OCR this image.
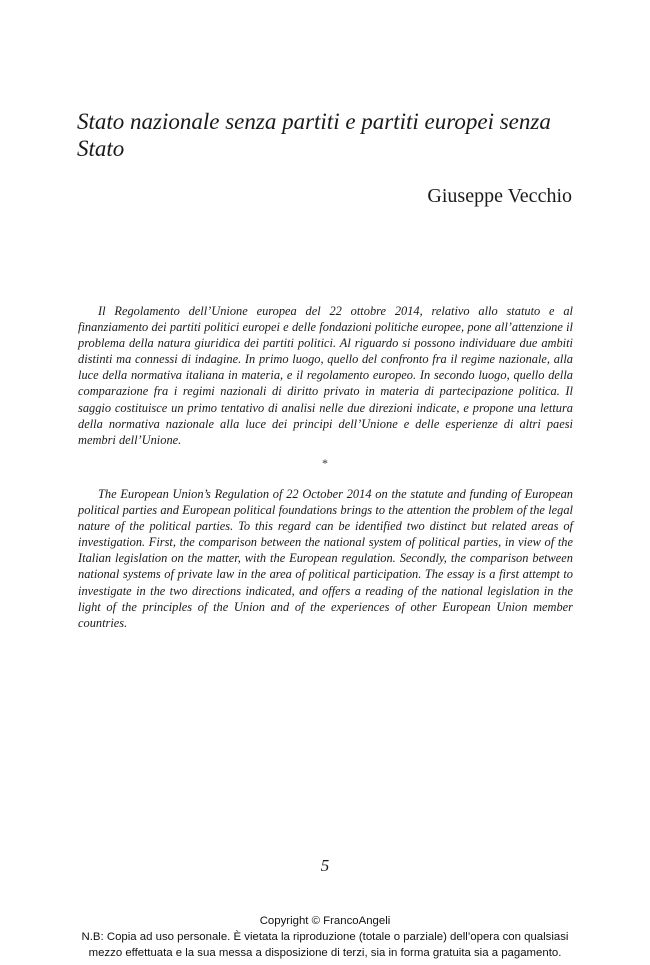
Stato nazionale senza partiti e partiti europei senza Stato
Giuseppe Vecchio

Il Regolamento dell’Unione europea del 22 ottobre 2014, relativo allo statuto e al finanziamento dei partiti politici europei e delle fondazioni politiche europee, pone all’attenzione il problema della natura giuridica dei partiti politici. Al riguardo si possono individuare due ambiti distinti ma connessi di indagine. In primo luogo, quello del confronto fra il regime nazionale, alla luce della normativa italiana in materia, e il regolamento europeo. In secondo luogo, quello della comparazione fra i regimi nazionali di diritto privato in materia di partecipazione politica. Il saggio costituisce un primo tentativo di analisi nelle due direzioni indicate, e propone una lettura della normativa nazionale alla luce dei principi dell’Unione e delle esperienze di altri paesi membri dell’Unione.

*

The European Union’s Regulation of 22 October 2014 on the statute and funding of European political parties and European political foundations brings to the attention the problem of the legal nature of the political parties. To this regard can be identified two distinct but related areas of investigation. First, the comparison between the national system of political parties, in view of the Italian legislation on the matter, with the European regulation. Secondly, the comparison between national systems of private law in the area of political participation. The essay is a first attempt to investigate in the two directions indicated, and offers a reading of the national legislation in the light of the principles of the Union and of the experiences of other European Union member countries.

5
Copyright © FrancoAngeli
N.B: Copia ad uso personale. È vietata la riproduzione (totale o parziale) dell’opera con qualsiasi
mezzo effettuata e la sua messa a disposizione di terzi, sia in forma gratuita sia a pagamento.
